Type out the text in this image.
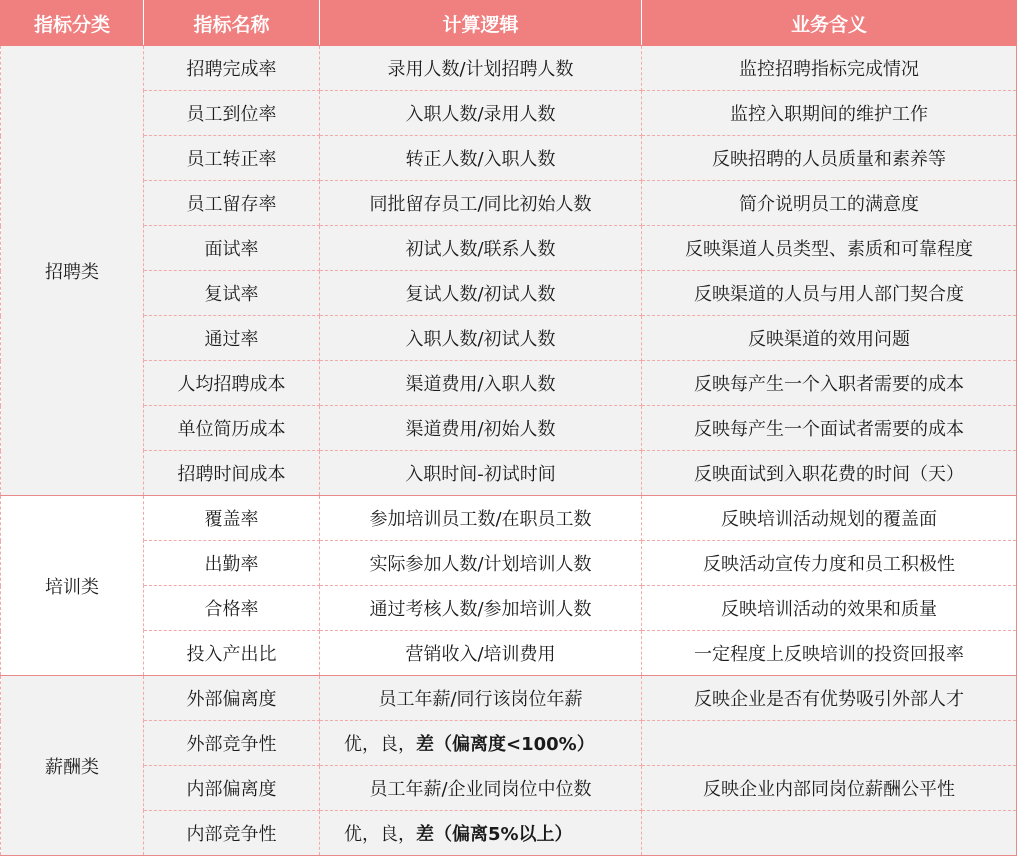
指标分类	指标名称	计算逻辑	业务含义
招聘类	招聘完成率	录用人数/计划招聘人数	监控招聘指标完成情况
	员工到位率	入职人数/录用人数	监控入职期间的维护工作
	员工转正率	转正人数/入职人数	反映招聘的人员质量和素养等
	员工留存率	同批留存员工/同比初始人数	简介说明员工的满意度
	面试率	初试人数/联系人数	反映渠道人员类型、素质和可靠程度
	复试率	复试人数/初试人数	反映渠道的人员与用人部门契合度
	通过率	入职人数/初试人数	反映渠道的效用问题
	人均招聘成本	渠道费用/入职人数	反映每产生一个入职者需要的成本
	单位简历成本	渠道费用/初始人数	反映每产生一个面试者需要的成本
	招聘时间成本	入职时间-初试时间	反映面试到入职花费的时间（天）
培训类	覆盖率	参加培训员工数/在职员工数	反映培训活动规划的覆盖面
	出勤率	实际参加人数/计划培训人数	反映活动宣传力度和员工积极性
	合格率	通过考核人数/参加培训人数	反映培训活动的效果和质量
	投入产出比	营销收入/培训费用	一定程度上反映培训的投资回报率
薪酬类	外部偏离度	员工年薪/同行该岗位年薪	反映企业是否有优势吸引外部人才
	外部竞争性	优，良，差（偏离度<100%）	
	内部偏离度	员工年薪/企业同岗位中位数	反映企业内部同岗位薪酬公平性
	内部竞争性	优，良，差（偏离5%以上）	
